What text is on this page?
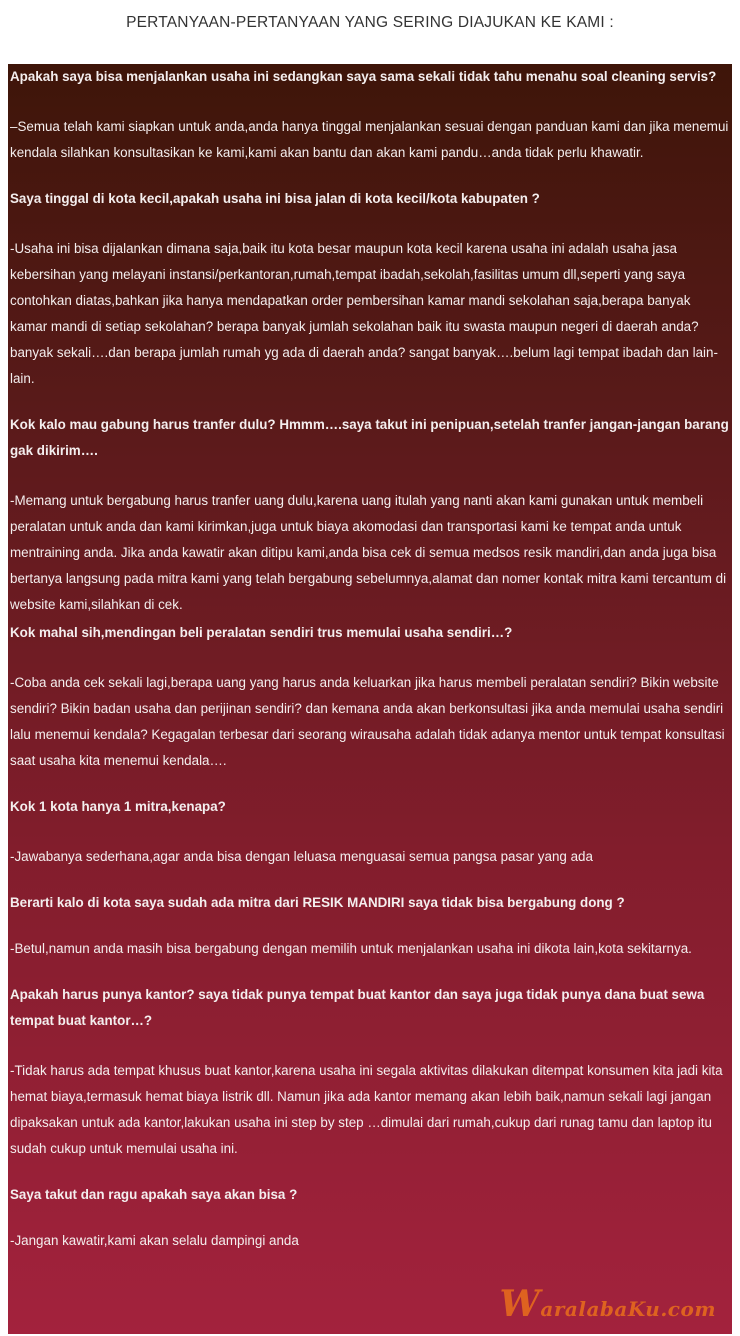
PERTANYAAN-PERTANYAAN YANG SERING DIAJUKAN KE KAMI :

Apakah saya bisa menjalankan usaha ini sedangkan saya sama sekali tidak tahu menahu soal cleaning servis?

–Semua telah kami siapkan untuk anda,anda hanya tinggal menjalankan sesuai dengan panduan kami dan jika menemui kendala silahkan konsultasikan ke kami,kami akan bantu dan akan kami pandu…anda tidak perlu khawatir.

Saya tinggal di kota kecil,apakah usaha ini bisa jalan di kota kecil/kota kabupaten ?

-Usaha ini bisa dijalankan dimana saja,baik itu kota besar maupun kota kecil karena usaha ini adalah usaha jasa kebersihan yang melayani instansi/perkantoran,rumah,tempat ibadah,sekolah,fasilitas umum dll,seperti yang saya contohkan diatas,bahkan jika hanya mendapatkan order pembersihan kamar mandi sekolahan saja,berapa banyak kamar mandi di setiap sekolahan? berapa banyak jumlah sekolahan baik itu swasta maupun negeri di daerah anda? banyak sekali….dan berapa jumlah rumah yg ada di daerah anda? sangat banyak….belum lagi tempat ibadah dan lain-lain.

Kok kalo mau gabung harus tranfer dulu? Hmmm….saya takut ini penipuan,setelah tranfer jangan-jangan barang gak dikirim….

-Memang untuk bergabung harus tranfer uang dulu,karena uang itulah yang nanti akan kami gunakan untuk membeli peralatan untuk anda dan kami kirimkan,juga untuk biaya akomodasi dan transportasi kami ke tempat anda untuk mentraining anda. Jika anda kawatir akan ditipu kami,anda bisa cek di semua medsos resik mandiri,dan anda juga bisa bertanya langsung pada mitra kami yang telah bergabung sebelumnya,alamat dan nomer kontak mitra kami tercantum di website kami,silahkan di cek.

Kok mahal sih,mendingan beli peralatan sendiri trus memulai usaha sendiri…?

-Coba anda cek sekali lagi,berapa uang yang harus anda keluarkan jika harus membeli peralatan sendiri? Bikin website sendiri? Bikin badan usaha dan perijinan sendiri? dan kemana anda akan berkonsultasi jika anda memulai usaha sendiri lalu menemui kendala? Kegagalan terbesar dari seorang wirausaha adalah tidak adanya mentor untuk tempat konsultasi saat usaha kita menemui kendala….

Kok 1 kota hanya 1 mitra,kenapa?

-Jawabanya sederhana,agar anda bisa dengan leluasa menguasai semua pangsa pasar yang ada

Berarti kalo di kota saya sudah ada mitra dari RESIK MANDIRI saya tidak bisa bergabung dong ?

-Betul,namun anda masih bisa bergabung dengan memilih untuk menjalankan usaha ini dikota lain,kota sekitarnya.

Apakah harus punya kantor? saya tidak punya tempat buat kantor dan saya juga tidak punya dana buat sewa tempat buat kantor…?

-Tidak harus ada tempat khusus buat kantor,karena usaha ini segala aktivitas dilakukan ditempat konsumen kita jadi kita hemat biaya,termasuk hemat biaya listrik dll. Namun jika ada kantor memang akan lebih baik,namun sekali lagi jangan dipaksakan untuk ada kantor,lakukan usaha ini step by step …dimulai dari rumah,cukup dari runag tamu dan laptop itu sudah cukup untuk memulai usaha ini.

Saya takut dan ragu apakah saya akan bisa ?

-Jangan kawatir,kami akan selalu dampingi anda

WaralabaKu.com
